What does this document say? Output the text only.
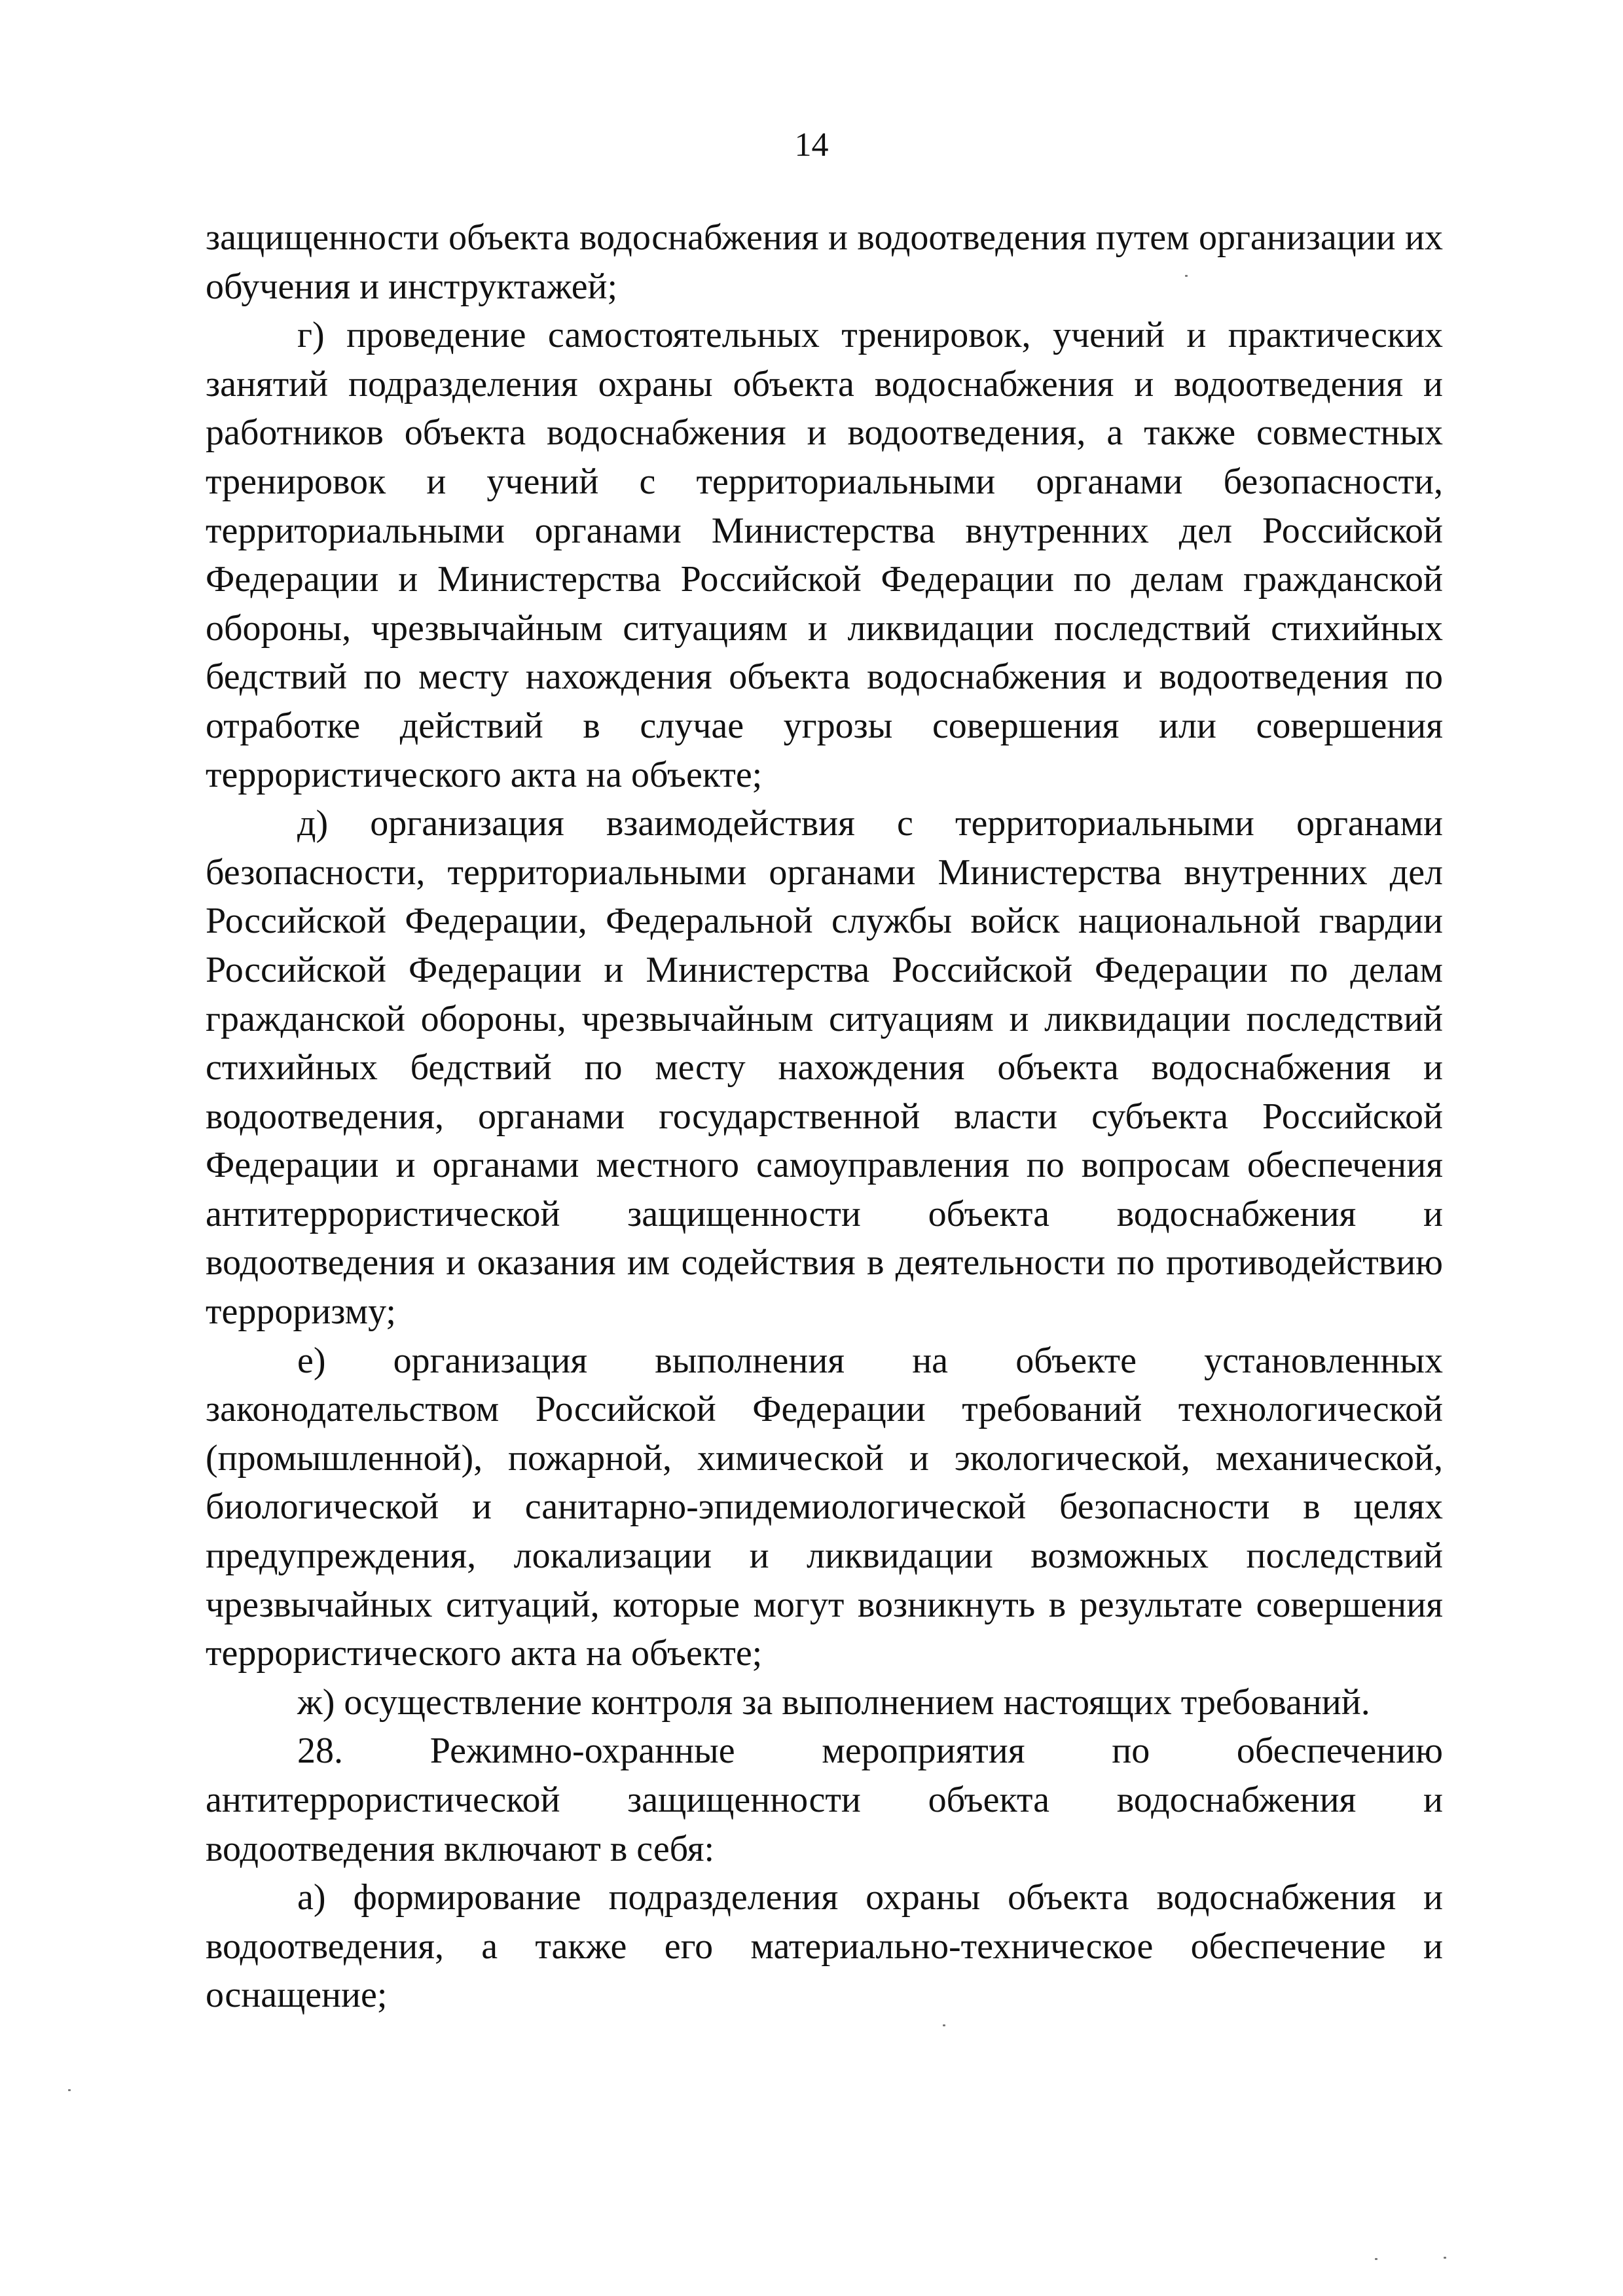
14

защищенности объекта водоснабжения и водоотведения путем организации их обучения и инструктажей;

г) проведение самостоятельных тренировок, учений и практических занятий подразделения охраны объекта водоснабжения и водоотведения и работников объекта водоснабжения и водоотведения, а также совместных тренировок и учений с территориальными органами безопасности, территориальными органами Министерства внутренних дел Российской Федерации и Министерства Российской Федерации по делам гражданской обороны, чрезвычайным ситуациям и ликвидации последствий стихийных бедствий по месту нахождения объекта водоснабжения и водоотведения по отработке действий в случае угрозы совершения или совершения террористического акта на объекте;

д) организация взаимодействия с территориальными органами безопасности, территориальными органами Министерства внутренних дел Российской Федерации, Федеральной службы войск национальной гвардии Российской Федерации и Министерства Российской Федерации по делам гражданской обороны, чрезвычайным ситуациям и ликвидации последствий стихийных бедствий по месту нахождения объекта водоснабжения и водоотведения, органами государственной власти субъекта Российской Федерации и органами местного самоуправления по вопросам обеспечения антитеррористической защищенности объекта водоснабжения и водоотведения и оказания им содействия в деятельности по противодействию терроризму;

е) организация выполнения на объекте установленных законодательством Российской Федерации требований технологической (промышленной), пожарной, химической и экологической, механической, биологической и санитарно-эпидемиологической безопасности в целях предупреждения, локализации и ликвидации возможных последствий чрезвычайных ситуаций, которые могут возникнуть в результате совершения террористического акта на объекте;

ж) осуществление контроля за выполнением настоящих требований.

28. Режимно-охранные мероприятия по обеспечению антитеррористической защищенности объекта водоснабжения и водоотведения включают в себя:

а) формирование подразделения охраны объекта водоснабжения и водоотведения, а также его материально-техническое обеспечение и оснащение;
